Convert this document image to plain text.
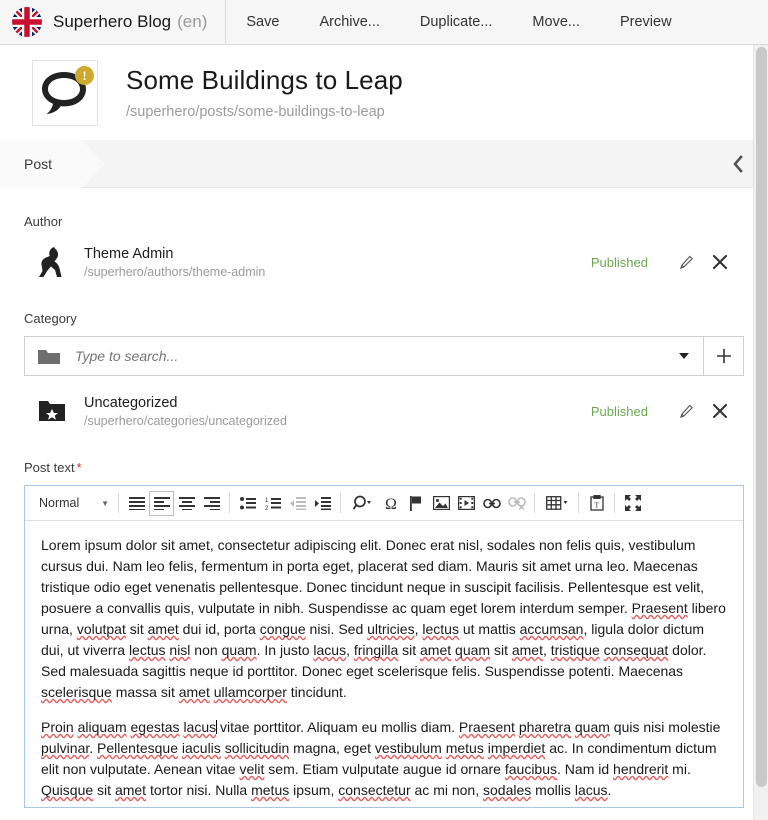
Superhero Blog (en)	Save	Archive...	Duplicate...	Move...	Preview
! Some Buildings to Leap
/superhero/posts/some-buildings-to-leap
Post
Author
Theme Admin
/superhero/authors/theme-admin
Published
Category
Type to search...
Uncategorized
/superhero/categories/uncategorized
Published
Post text *
Normal	▼	1
2	Ω	T

Lorem ipsum dolor sit amet, consectetur adipiscing elit. Donec erat nisl, sodales non felis quis, vestibulum cursus dui. Nam leo felis, fermentum in porta eget, placerat sed diam. Mauris sit amet urna leo. Maecenas tristique odio eget venenatis pellentesque. Donec tincidunt neque in suscipit facilisis. Pellentesque est velit, posuere a convallis quis, vulputate in nibh. Suspendisse ac quam eget lorem interdum semper. Praesent libero urna, volutpat sit amet dui id, porta congue nisi. Sed ultricies, lectus ut mattis accumsan, ligula dolor dictum dui, ut viverra lectus nisl non quam. In justo lacus, fringilla sit amet quam sit amet, tristique consequat dolor. Sed malesuada sagittis neque id porttitor. Donec eget scelerisque felis. Suspendisse potenti. Maecenas scelerisque massa sit amet ullamcorper tincidunt.

Proin aliquam egestas lacus vitae porttitor. Aliquam eu mollis diam. Praesent pharetra quam quis nisi molestie pulvinar. Pellentesque iaculis sollicitudin magna, eget vestibulum metus imperdiet ac. In condimentum dictum elit non vulputate. Aenean vitae velit sem. Etiam vulputate augue id ornare faucibus. Nam id hendrerit mi. Quisque sit amet tortor nisi. Nulla metus ipsum, consectetur ac mi non, sodales mollis lacus.
